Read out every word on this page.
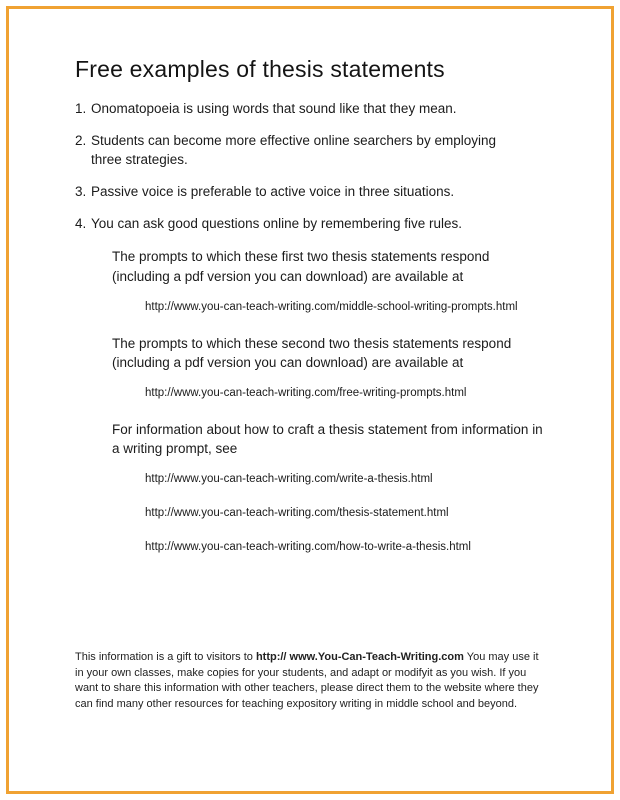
Free examples of thesis statements
1. Onomatopoeia is using words that sound like that they mean.
2. Students can become more effective online searchers by employing three strategies.
3. Passive voice is preferable to active voice in three situations.
4. You can ask good questions online by remembering five rules.

The prompts to which these first two thesis statements respond (including a pdf version you can download) are available at

http://www.you-can-teach-writing.com/middle-school-writing-prompts.html

The prompts to which these second two thesis statements respond (including a pdf version you can download) are available at

http://www.you-can-teach-writing.com/free-writing-prompts.html

For information about how to craft a thesis statement from information in a writing prompt, see

http://www.you-can-teach-writing.com/write-a-thesis.html

http://www.you-can-teach-writing.com/thesis-statement.html

http://www.you-can-teach-writing.com/how-to-write-a-thesis.html

This information is a gift to visitors to http:// www.You-Can-Teach-Writing.com You may use it in your own classes, make copies for your students, and adapt or modifyit as you wish. If you want to share this information with other teachers, please direct them to the website where they can find many other resources for teaching expository writing in middle school and beyond.
